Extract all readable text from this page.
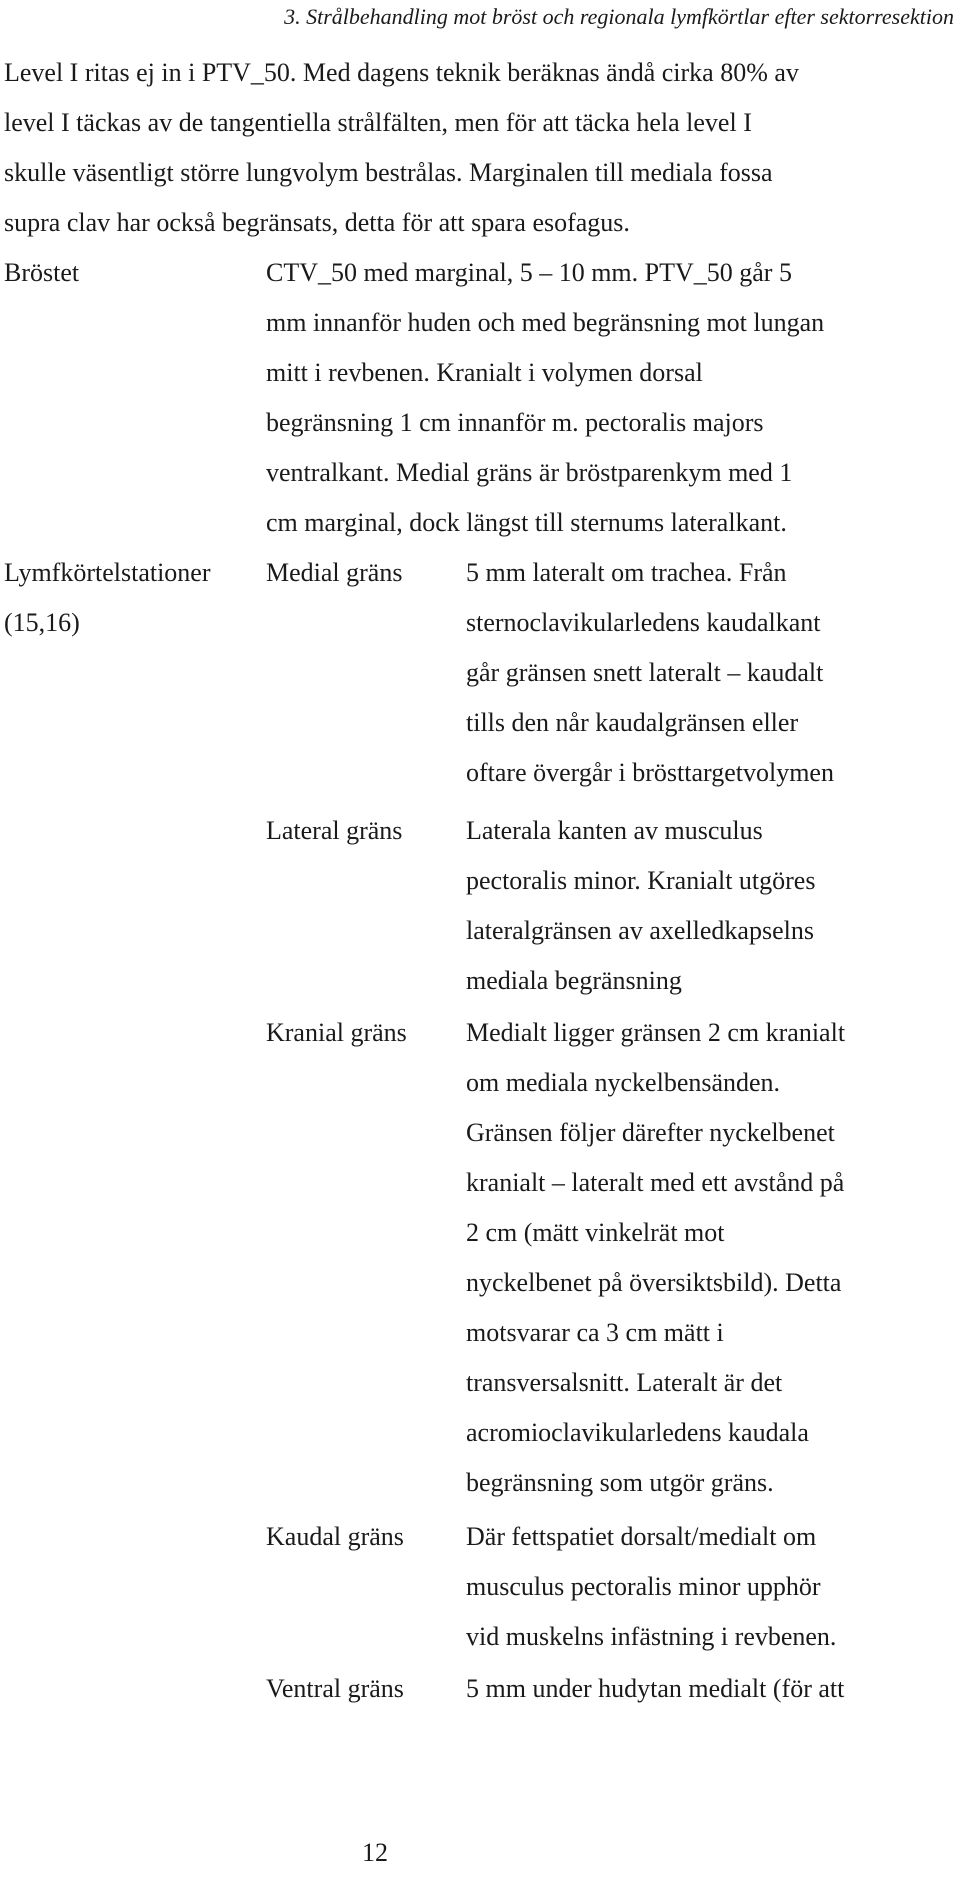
3. Strålbehandling mot bröst och regionala lymfkörtlar efter sektorresektion
Level I ritas ej in i PTV_50. Med dagens teknik beräknas ändå cirka 80% av
level I täckas av de tangentiella strålfälten, men för att täcka hela level I
skulle väsentligt större lungvolym bestrålas. Marginalen till mediala fossa
supra clav har också begränsats, detta för att spara esofagus.
Bröstet	CTV_50 med marginal, 5 – 10 mm. PTV_50 går 5
mm innanför huden och med begränsning mot lungan
mitt i revbenen. Kranialt i volymen dorsal
begränsning 1 cm innanför m. pectoralis majors
ventralkant. Medial gräns är bröstparenkym med 1
cm marginal, dock längst till sternums lateralkant.
Lymfkörtelstationer
(15,16)
Medial gräns 5 mm lateralt om trachea. Från
sternoclavikularledens kaudalkant
går gränsen snett lateralt – kaudalt
tills den når kaudalgränsen eller
oftare övergår i brösttargetvolymen
Lateral gräns Laterala kanten av musculus
pectoralis minor. Kranialt utgöres
lateralgränsen av axelledkapselns
mediala begränsning
Kranial gräns Medialt ligger gränsen 2 cm kranialt
om mediala nyckelbensänden.
Gränsen följer därefter nyckelbenet
kranialt – lateralt med ett avstånd på
2 cm (mätt vinkelrät mot
nyckelbenet på översiktsbild). Detta
motsvarar ca 3 cm mätt i
transversalsnitt. Lateralt är det
acromioclavikularledens kaudala
begränsning som utgör gräns.
Kaudal gräns Där fettspatiet dorsalt/medialt om
musculus pectoralis minor upphör
vid muskelns infästning i revbenen.
Ventral gräns 5 mm under hudytan medialt (för att
12
